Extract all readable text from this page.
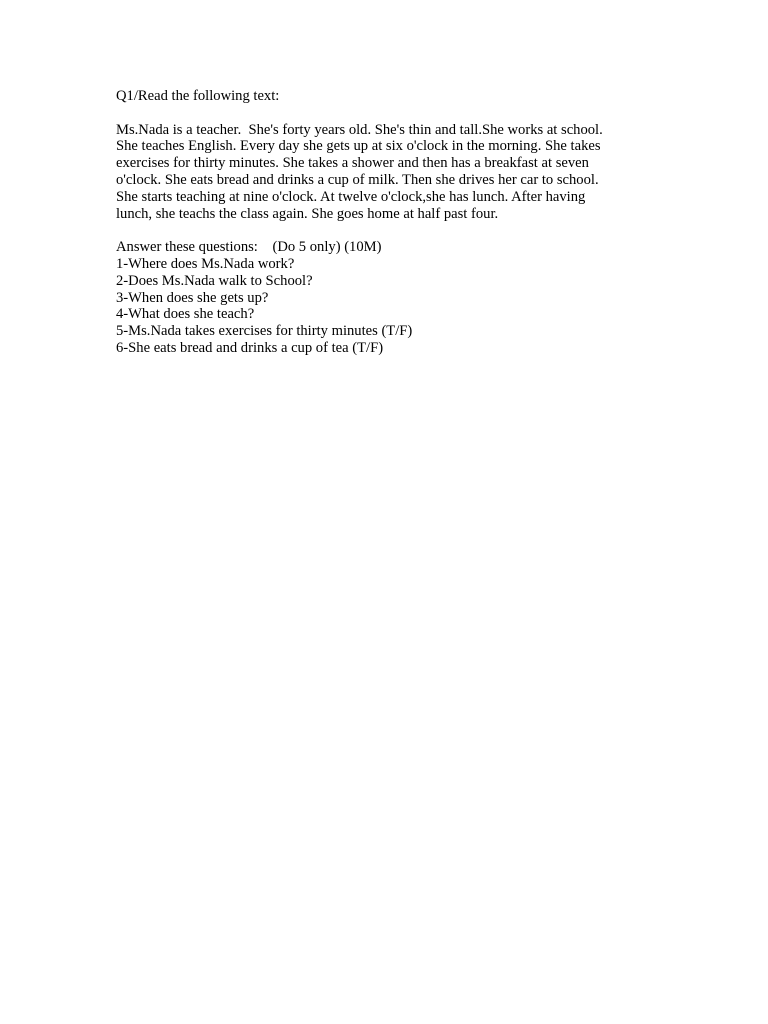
Q1/Read the following text:
Ms.Nada is a teacher.  She's forty years old. She's thin and tall.She works at school.
She teaches English. Every day she gets up at six o'clock in the morning. She takes
exercises for thirty minutes. She takes a shower and then has a breakfast at seven
o'clock. She eats bread and drinks a cup of milk. Then she drives her car to school.
She starts teaching at nine o'clock. At twelve o'clock,she has lunch. After having
lunch, she teachs the class again. She goes home at half past four.
Answer these questions:    (Do 5 only) (10M)
1-Where does Ms.Nada work?
2-Does Ms.Nada walk to School?
3-When does she gets up?
4-What does she teach?
5-Ms.Nada takes exercises for thirty minutes (T/F)
6-She eats bread and drinks a cup of tea (T/F)
